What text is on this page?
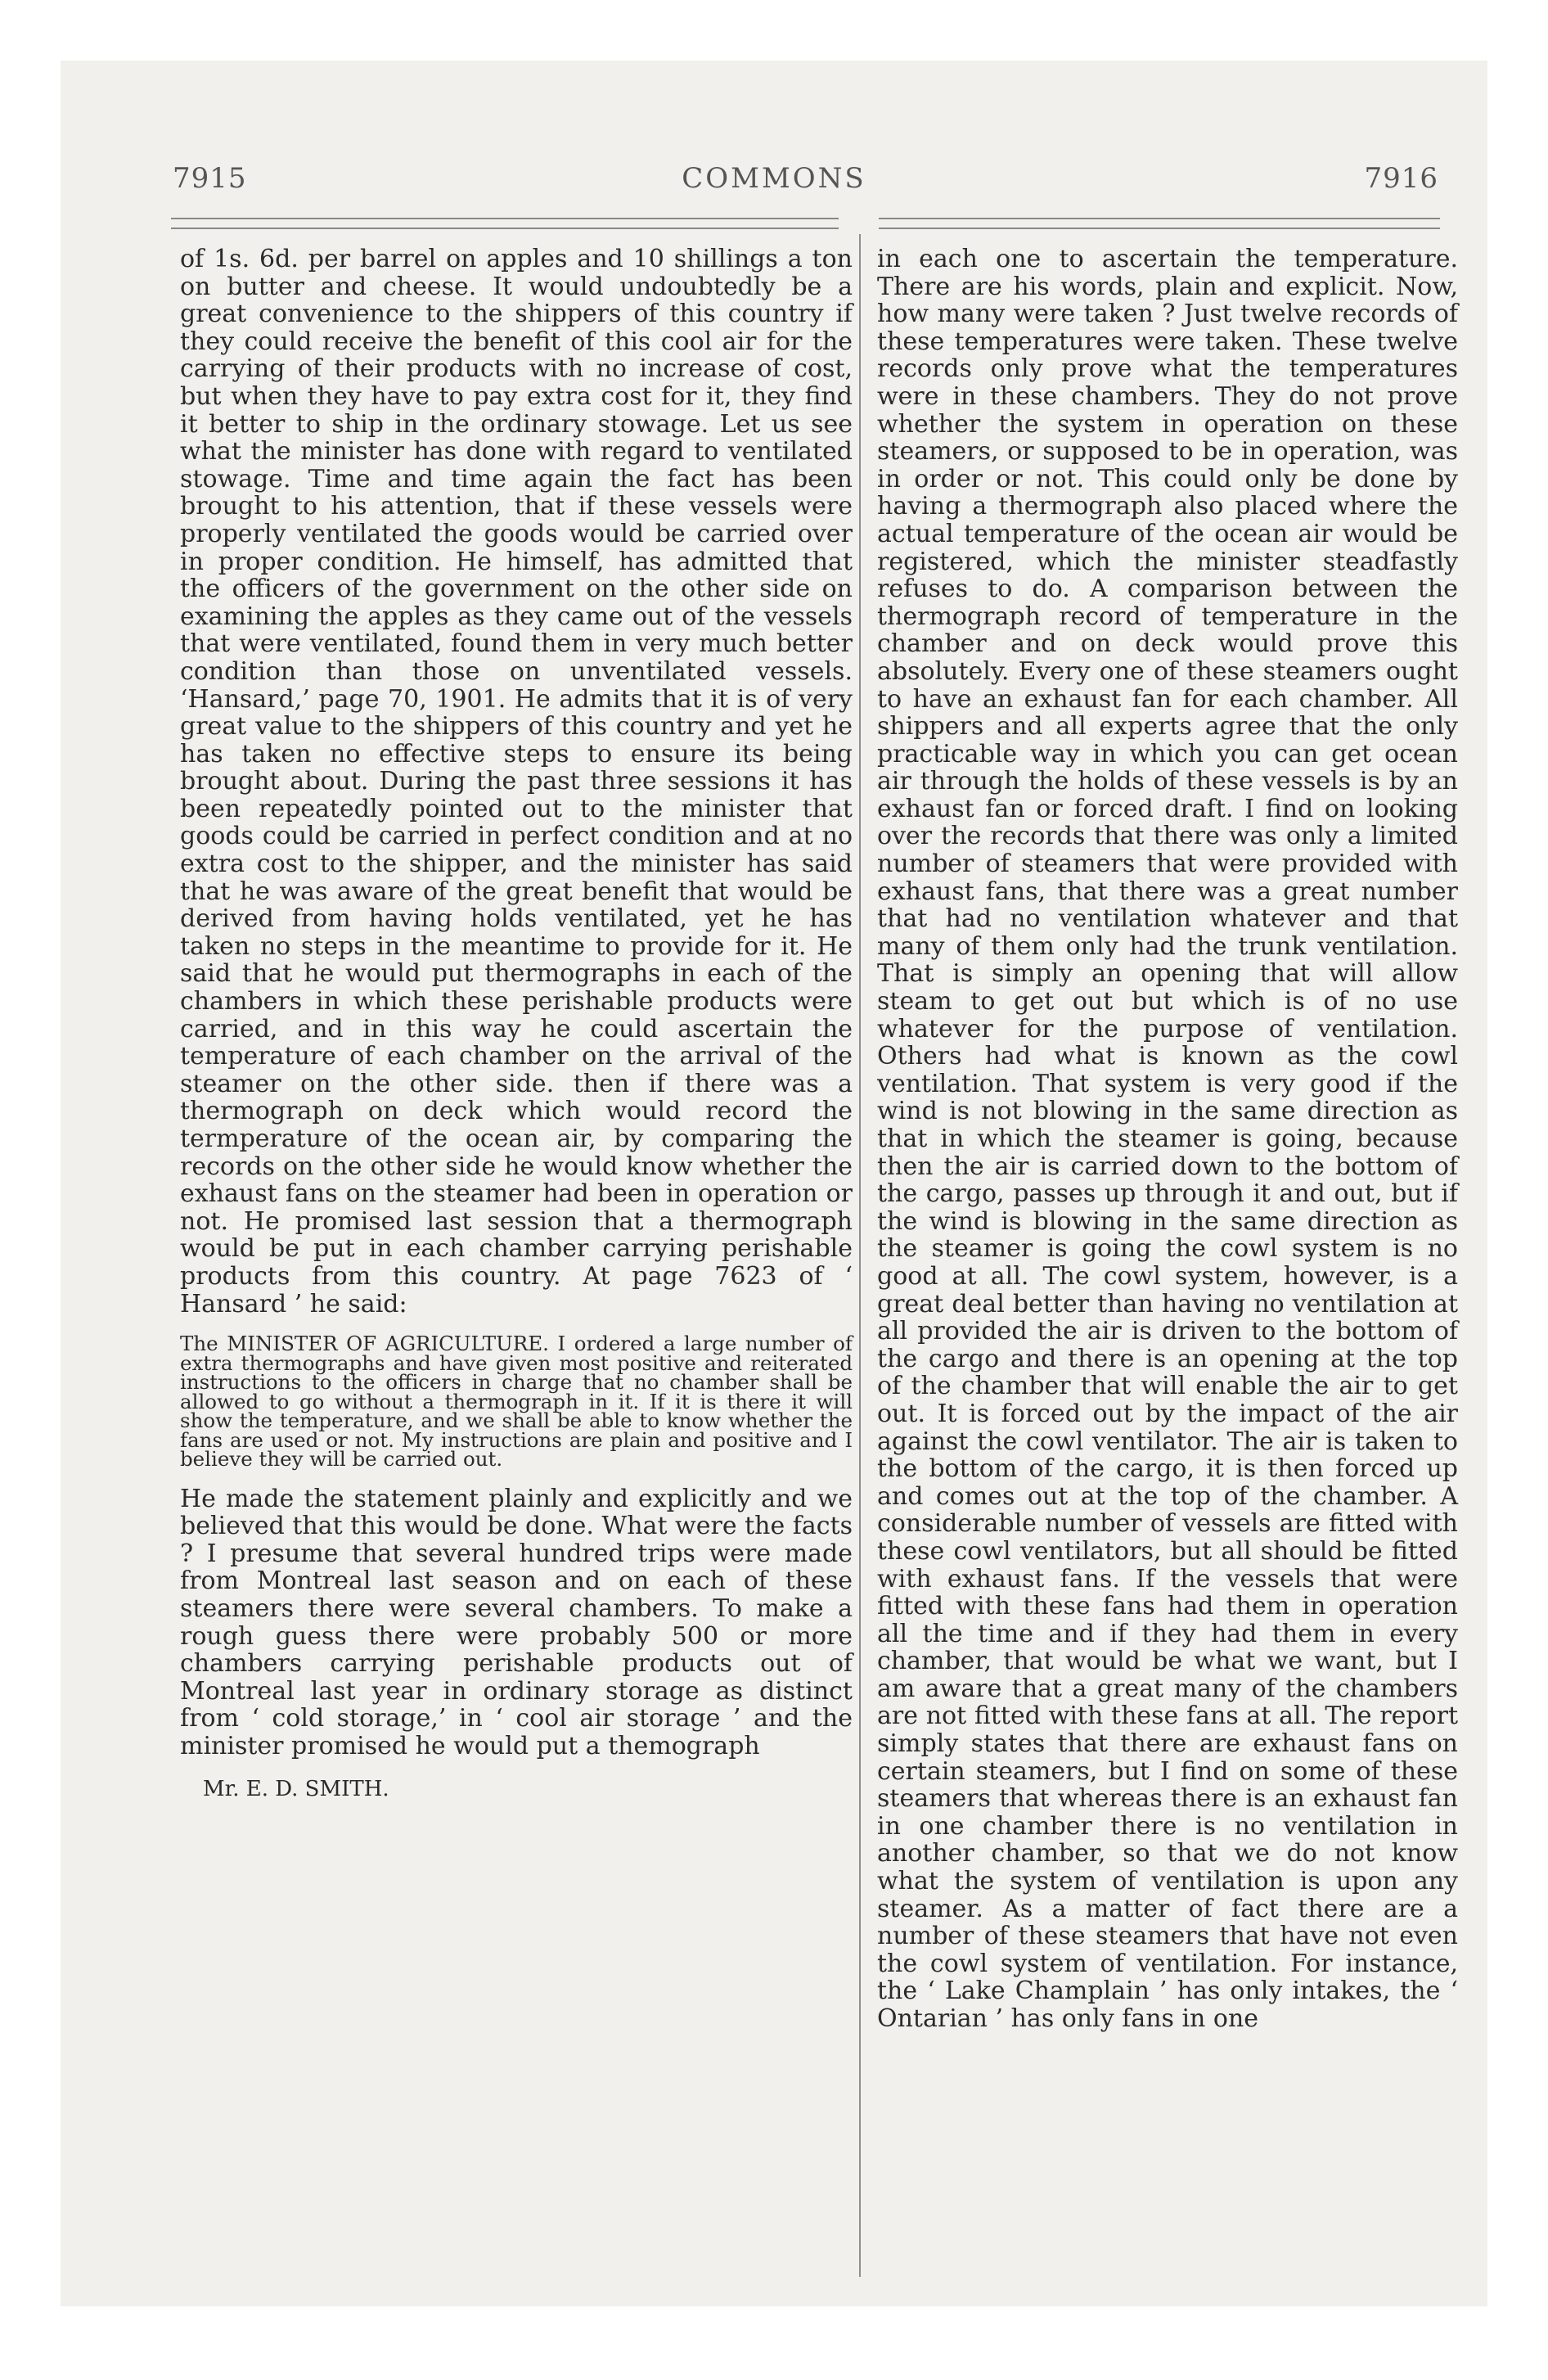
7915	COMMONS	7916

of 1s. 6d. per barrel on apples and 10 shillings a ton on butter and cheese. It would undoubtedly be a great convenience to the shippers of this country if they could receive the benefit of this cool air for the carrying of their products with no increase of cost, but when they have to pay extra cost for it, they find it better to ship in the ordinary stowage. Let us see what the minister has done with regard to ventilated stowage. Time and time again the fact has been brought to his attention, that if these vessels were properly ventilated the goods would be carried over in proper condition. He himself, has admitted that the officers of the government on the other side on examining the apples as they came out of the vessels that were ventilated, found them in very much better condition than those on unventilated vessels. ‘Hansard,’ page 70, 1901. He admits that it is of very great value to the shippers of this country and yet he has taken no effective steps to ensure its being brought about. During the past three sessions it has been repeatedly pointed out to the minister that goods could be carried in perfect condition and at no extra cost to the shipper, and the minister has said that he was aware of the great benefit that would be derived from having holds ventilated, yet he has taken no steps in the meantime to provide for it. He said that he would put thermographs in each of the chambers in which these perishable products were carried, and in this way he could ascertain the temperature of each chamber on the arrival of the steamer on the other side. then if there was a thermograph on deck which would record the termperature of the ocean air, by comparing the records on the other side he would know whether the exhaust fans on the steamer had been in operation or not. He promised last session that a thermograph would be put in each chamber carrying perishable products from this country. At page 7623 of ‘ Hansard ’ he said:

The MINISTER OF AGRICULTURE. I ordered a large number of extra thermographs and have given most positive and reiterated instructions to the officers in charge that no chamber shall be allowed to go without a thermograph in it. If it is there it will show the temperature, and we shall be able to know whether the fans are used or not. My instructions are plain and positive and I believe they will be carried out.

He made the statement plainly and explicitly and we believed that this would be done. What were the facts ? I presume that several hundred trips were made from Montreal last season and on each of these steamers there were several chambers. To make a rough guess there were probably 500 or more chambers carrying perishable products out of Montreal last year in ordinary storage as distinct from ‘ cold storage,’ in ‘ cool air storage ’ and the minister promised he would put a themograph

Mr. E. D. SMITH.

in each one to ascertain the temperature. There are his words, plain and explicit. Now, how many were taken ? Just twelve records of these temperatures were taken. These twelve records only prove what the temperatures were in these chambers. They do not prove whether the system in operation on these steamers, or supposed to be in operation, was in order or not. This could only be done by having a thermograph also placed where the actual temperature of the ocean air would be registered, which the minister steadfastly refuses to do. A comparison between the thermograph record of temperature in the chamber and on deck would prove this absolutely. Every one of these steamers ought to have an exhaust fan for each chamber. All shippers and all experts agree that the only practicable way in which you can get ocean air through the holds of these vessels is by an exhaust fan or forced draft. I find on looking over the records that there was only a limited number of steamers that were provided with exhaust fans, that there was a great number that had no ventilation whatever and that many of them only had the trunk ventilation. That is simply an opening that will allow steam to get out but which is of no use whatever for the purpose of ventilation. Others had what is known as the cowl ventilation. That system is very good if the wind is not blowing in the same direction as that in which the steamer is going, because then the air is carried down to the bottom of the cargo, passes up through it and out, but if the wind is blowing in the same direction as the steamer is going the cowl system is no good at all. The cowl system, however, is a great deal better than having no ventilation at all provided the air is driven to the bottom of the cargo and there is an opening at the top of the chamber that will enable the air to get out. It is forced out by the impact of the air against the cowl ventilator. The air is taken to the bottom of the cargo, it is then forced up and comes out at the top of the chamber. A considerable number of vessels are fitted with these cowl ventilators, but all should be fitted with exhaust fans. If the vessels that were fitted with these fans had them in operation all the time and if they had them in every chamber, that would be what we want, but I am aware that a great many of the chambers are not fitted with these fans at all. The report simply states that there are exhaust fans on certain steamers, but I find on some of these steamers that whereas there is an exhaust fan in one chamber there is no ventilation in another chamber, so that we do not know what the system of ventilation is upon any steamer. As a matter of fact there are a number of these steamers that have not even the cowl system of ventilation. For instance, the ‘ Lake Champlain ’ has only intakes, the ‘ Ontarian ’ has only fans in one
